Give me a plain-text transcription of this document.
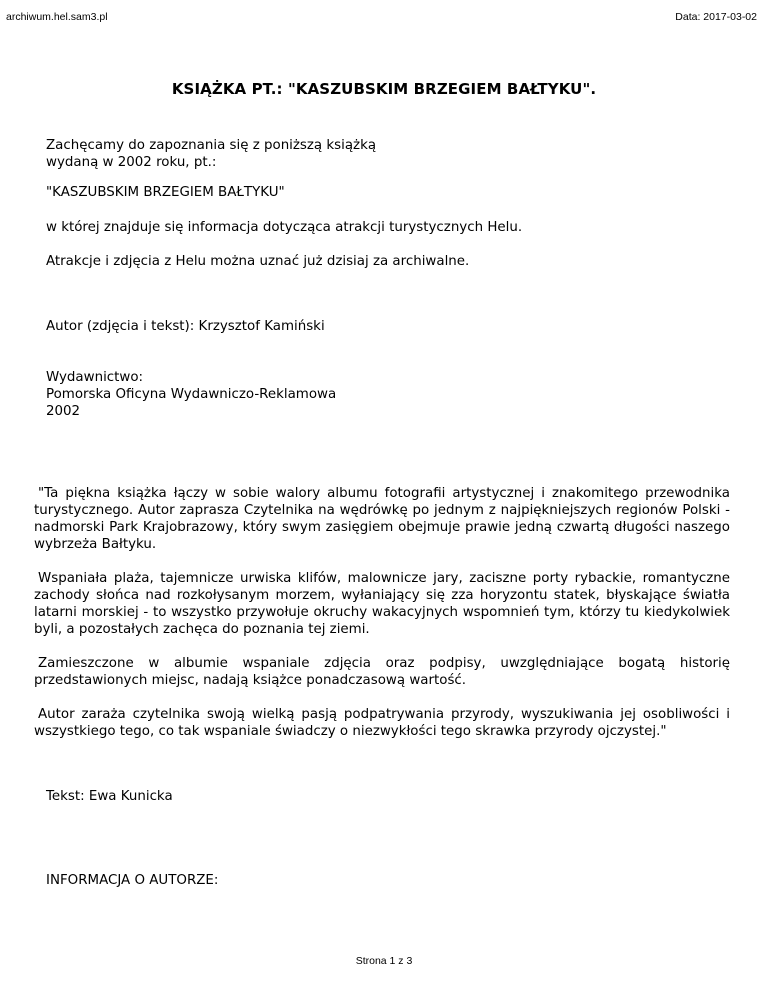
archiwum.hel.sam3.pl	Data: 2017-03-02
KSIĄŻKA PT.: "KASZUBSKIM BRZEGIEM BAŁTYKU".
Zachęcamy do zapoznania się z poniższą książką
wydaną w 2002 roku, pt.:
"KASZUBSKIM BRZEGIEM BAŁTYKU"
w której znajduje się informacja dotycząca atrakcji turystycznych Helu.
Atrakcje i zdjęcia z Helu można uznać już dzisiaj za archiwalne.
Autor (zdjęcia i tekst): Krzysztof Kamiński
Wydawnictwo:
Pomorska Oficyna Wydawniczo-Reklamowa
2002

"Ta piękna książka łączy w sobie walory albumu fotografii artystycznej i znakomitego przewodnika turystycznego. Autor zaprasza Czytelnika na wędrówkę po jednym z najpiękniejszych regionów Polski - nadmorski Park Krajobrazowy, który swym zasięgiem obejmuje prawie jedną czwartą długości naszego wybrzeża Bałtyku.

Wspaniała plaża, tajemnicze urwiska klifów, malownicze jary, zaciszne porty rybackie, romantyczne zachody słońca nad rozkołysanym morzem, wyłaniający się zza horyzontu statek, błyskające światła latarni morskiej - to wszystko przywołuje okruchy wakacyjnych wspomnień tym, którzy tu kiedykolwiek byli, a pozostałych zachęca do poznania tej ziemi.

Zamieszczone w albumie wspaniale zdjęcia oraz podpisy, uwzględniające bogatą historię przedstawionych miejsc, nadają książce ponadczasową wartość.

Autor zaraża czytelnika swoją wielką pasją podpatrywania przyrody, wyszukiwania jej osobliwości i wszystkiego tego, co tak wspaniale świadczy o niezwykłości tego skrawka przyrody ojczystej."

Tekst: Ewa Kunicka
INFORMACJA O AUTORZE:
Strona 1 z 3
